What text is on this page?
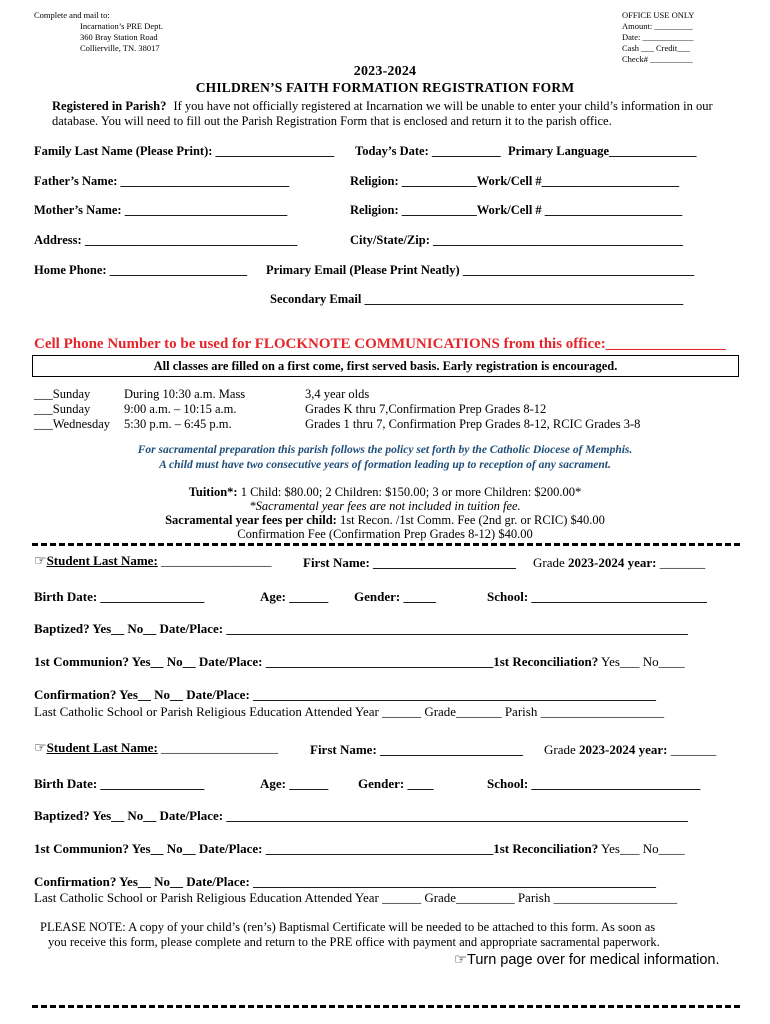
Complete and mail to:
Incarnation’s PRE Dept.
360 Bray Station Road
Collierville, TN. 38017
OFFICE USE ONLY
Amount: _________
Date: ____________
Cash ___ Credit___
Check# __________
2023-2024
CHILDREN’S FAITH FORMATION REGISTRATION FORM
Registered in Parish? If you have not officially registered at Incarnation we will be unable to enter your child’s information in our
database. You will need to fill out the Parish Registration Form that is enclosed and return it to the parish office.
Family Last Name (Please Print): ___________________ Today’s Date: ___________ Primary Language______________
Father’s Name: ___________________________	Religion: ____________Work/Cell #______________________
Mother’s Name: __________________________	Religion: ____________Work/Cell # ______________________
Address: __________________________________	City/State/Zip: ________________________________________
Home Phone: ______________________ Primary Email (Please Print Neatly) _____________________________________
Secondary Email ___________________________________________________
Cell Phone Number to be used for FLOCKNOTE COMMUNICATIONS from this office:________________
All classes are filled on a first come, first served basis. Early registration is encouraged.
___Sunday	During 10:30 a.m. Mass	3,4 year olds
___Sunday	9:00 a.m. – 10:15 a.m.	Grades K thru 7,Confirmation Prep Grades 8-12
___Wednesday 5:30 p.m. – 6:45 p.m.	Grades 1 thru 7, Confirmation Prep Grades 8-12, RCIC Grades 3-8
For sacramental preparation this parish follows the policy set forth by the Catholic Diocese of Memphis.
A child must have two consecutive years of formation leading up to reception of any sacrament.
Tuition*: 1 Child: $80.00; 2 Children: $150.00; 3 or more Children: $200.00*
*Sacramental year fees are not included in tuition fee.
Sacramental year fees per child: 1st Recon. /1st Comm. Fee (2nd gr. or RCIC) $40.00
Confirmation Fee (Confirmation Prep Grades 8-12) $40.00
☞Student Last Name: _________________ First Name: ______________________ Grade 2023-2024 year: _______
Birth Date: ________________	Age: ______ Gender: _____	School: ___________________________
Baptized? Yes__ No__ Date/Place: _______________________________________________________________________
1st Communion? Yes__ No__ Date/Place: ___________________________________1st Reconciliation? Yes___ No____
Confirmation? Yes__ No__ Date/Place: ______________________________________________________________
Last Catholic School or Parish Religious Education Attended Year ______ Grade_______ Parish ___________________
☞Student Last Name: __________________ First Name: ______________________ Grade 2023-2024 year: _______
Birth Date: ________________	Age: ______ Gender: ____	School: __________________________
Baptized? Yes__ No__ Date/Place: _______________________________________________________________________
1st Communion? Yes__ No__ Date/Place: ___________________________________1st Reconciliation? Yes___ No____
Confirmation? Yes__ No__ Date/Place: ______________________________________________________________
Last Catholic School or Parish Religious Education Attended Year ______ Grade_________ Parish ___________________
PLEASE NOTE: A copy of your child’s (ren’s) Baptismal Certificate will be needed to be attached to this form. As soon as
you receive this form, please complete and return to the PRE office with payment and appropriate sacramental paperwork.
☞Turn page over for medical information.
